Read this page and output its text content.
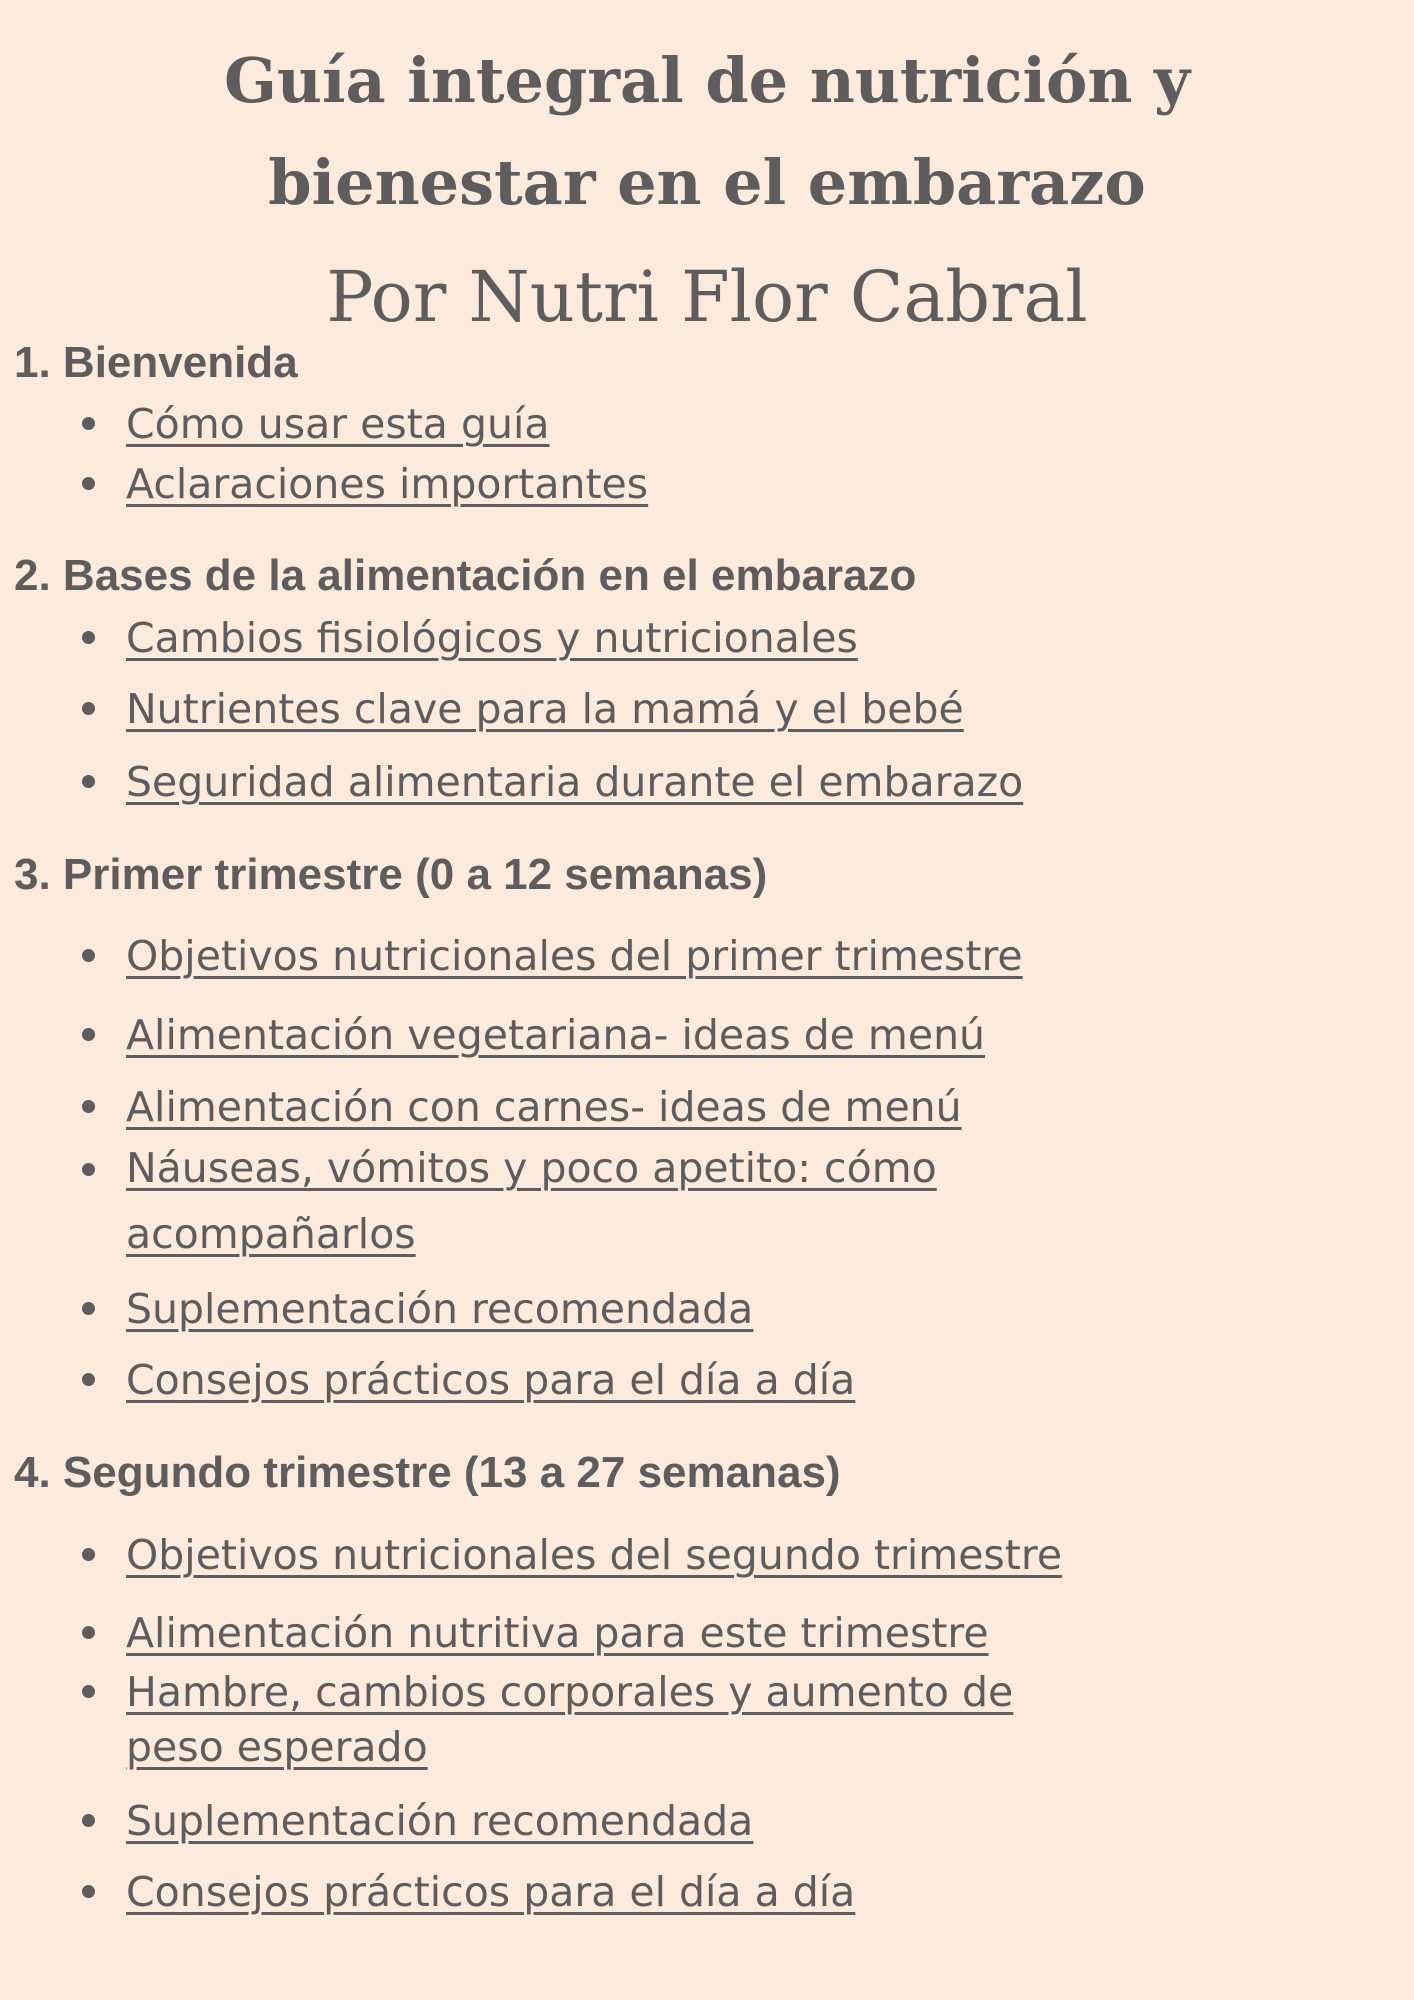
Guía integral de nutrición y
bienestar en el embarazo
Por Nutri Flor Cabral
1. Bienvenida
Cómo usar esta guía
Aclaraciones importantes
2. Bases de la alimentación en el embarazo
Cambios fisiológicos y nutricionales
Nutrientes clave para la mamá y el bebé
Seguridad alimentaria durante el embarazo
3. Primer trimestre (0 a 12 semanas)
Objetivos nutricionales del primer trimestre
Alimentación vegetariana- ideas de menú
Alimentación con carnes- ideas de menú
Náuseas, vómitos y poco apetito: cómo
acompañarlos
Suplementación recomendada
Consejos prácticos para el día a día
4. Segundo trimestre (13 a 27 semanas)
Objetivos nutricionales del segundo trimestre
Alimentación nutritiva para este trimestre
Hambre, cambios corporales y aumento de
peso esperado
Suplementación recomendada
Consejos prácticos para el día a día
